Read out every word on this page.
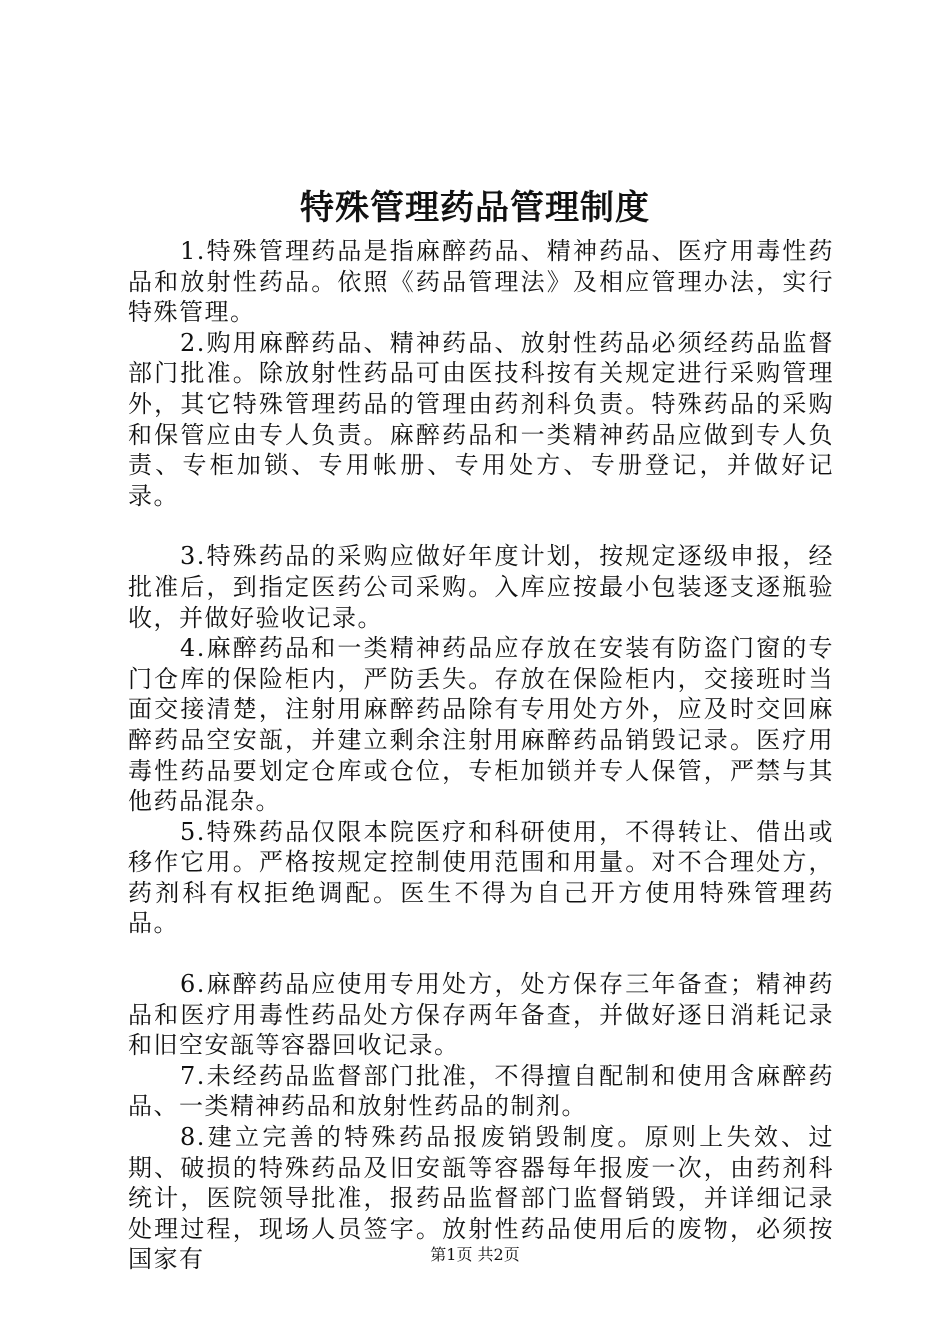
特殊管理药品管理制度

1.特殊管理药品是指麻醉药品、精神药品、医疗用毒性药品和放射性药品。依照《药品管理法》及相应管理办法，实行特殊管理。

2.购用麻醉药品、精神药品、放射性药品必须经药品监督部门批准。除放射性药品可由医技科按有关规定进行采购管理外，其它特殊管理药品的管理由药剂科负责。特殊药品的采购和保管应由专人负责。麻醉药品和一类精神药品应做到专人负责、专柜加锁、专用帐册、专用处方、专册登记，并做好记录。

3.特殊药品的采购应做好年度计划，按规定逐级申报，经批准后，到指定医药公司采购。入库应按最小包装逐支逐瓶验收，并做好验收记录。

4.麻醉药品和一类精神药品应存放在安装有防盗门窗的专门仓库的保险柜内，严防丢失。存放在保险柜内，交接班时当面交接清楚，注射用麻醉药品除有专用处方外，应及时交回麻醉药品空安瓿，并建立剩余注射用麻醉药品销毁记录。医疗用毒性药品要划定仓库或仓位，专柜加锁并专人保管，严禁与其他药品混杂。

5.特殊药品仅限本院医疗和科研使用，不得转让、借出或移作它用。严格按规定控制使用范围和用量。对不合理处方，药剂科有权拒绝调配。医生不得为自己开方使用特殊管理药品。

6.麻醉药品应使用专用处方，处方保存三年备查；精神药品和医疗用毒性药品处方保存两年备查，并做好逐日消耗记录和旧空安瓿等容器回收记录。

7.未经药品监督部门批准，不得擅自配制和使用含麻醉药品、一类精神药品和放射性药品的制剂。

8.建立完善的特殊药品报废销毁制度。原则上失效、过期、破损的特殊药品及旧安瓿等容器每年报废一次，由药剂科统计，医院领导批准，报药品监督部门监督销毁，并详细记录处理过程，现场人员签字。放射性药品使用后的废物，必须按国家有	第1页 共2页
